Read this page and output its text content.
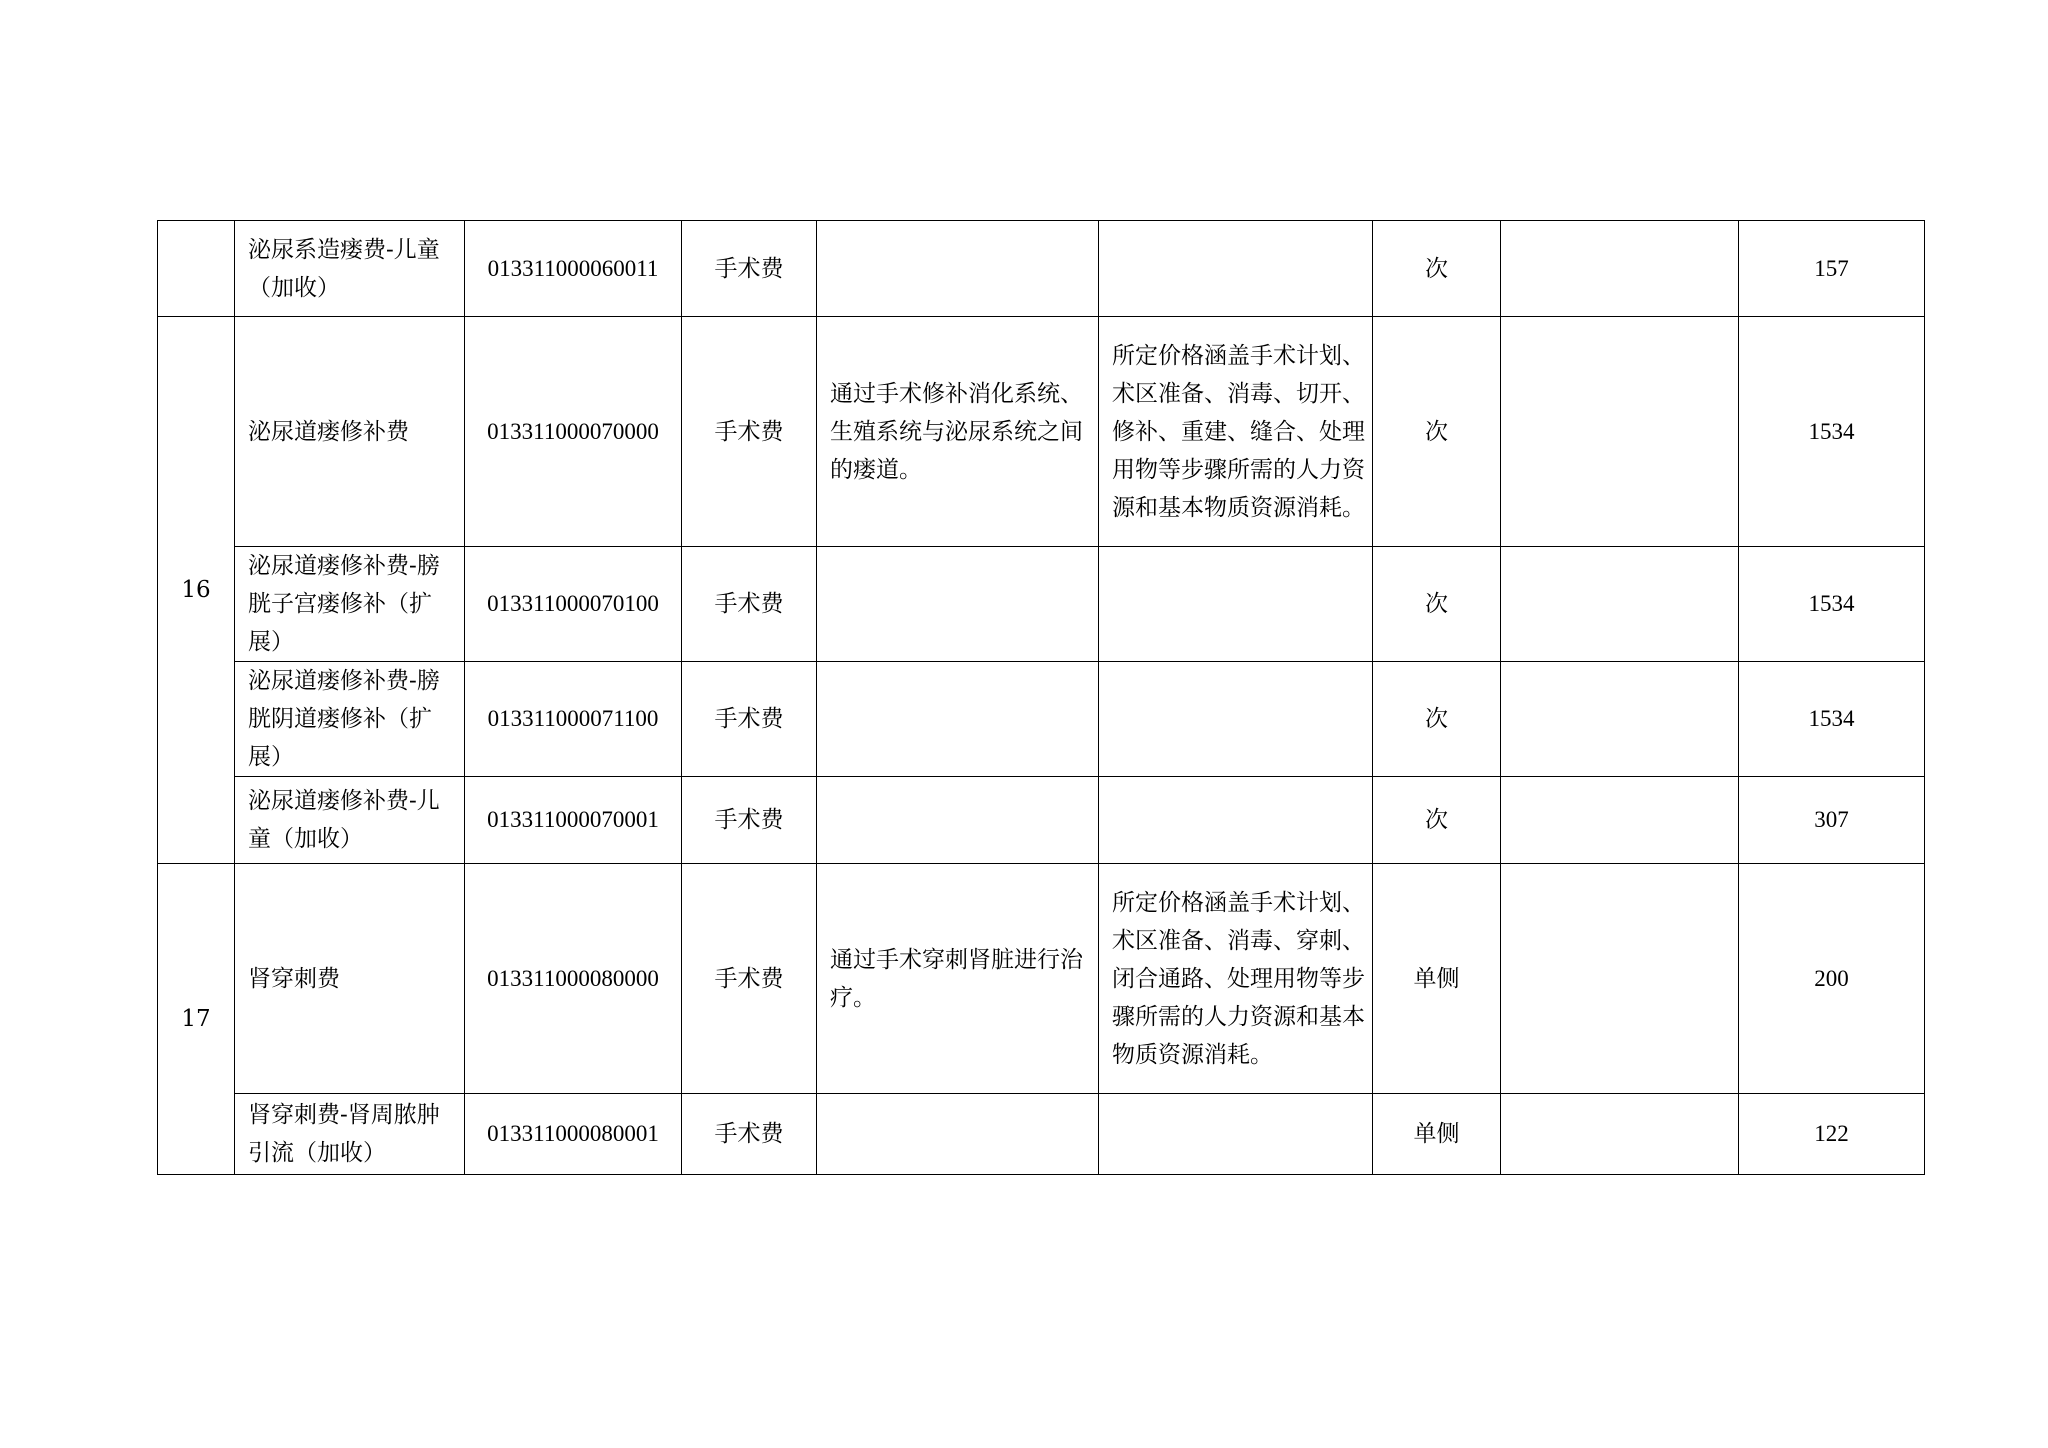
	泌尿系造瘘费-儿童（加收）	013311000060011	手术费			次		157

16	泌尿道瘘修补费	013311000070000	手术费	通过手术修补消化系统、生殖系统与泌尿系统之间的瘘道。	所定价格涵盖手术计划、术区准备、消毒、切开、修补、重建、缝合、处理用物等步骤所需的人力资源和基本物质资源消耗。	次		1534

	泌尿道瘘修补费-膀胱子宫瘘修补（扩展）	013311000070100	手术费			次		1534

	泌尿道瘘修补费-膀胱阴道瘘修补（扩展）	013311000071100	手术费			次		1534

	泌尿道瘘修补费-儿童（加收）	013311000070001	手术费			次		307

17	肾穿刺费	013311000080000	手术费	通过手术穿刺肾脏进行治疗。	所定价格涵盖手术计划、术区准备、消毒、穿刺、闭合通路、处理用物等步骤所需的人力资源和基本物质资源消耗。	单侧		200

	肾穿刺费-肾周脓肿引流（加收）	013311000080001	手术费			单侧		122
